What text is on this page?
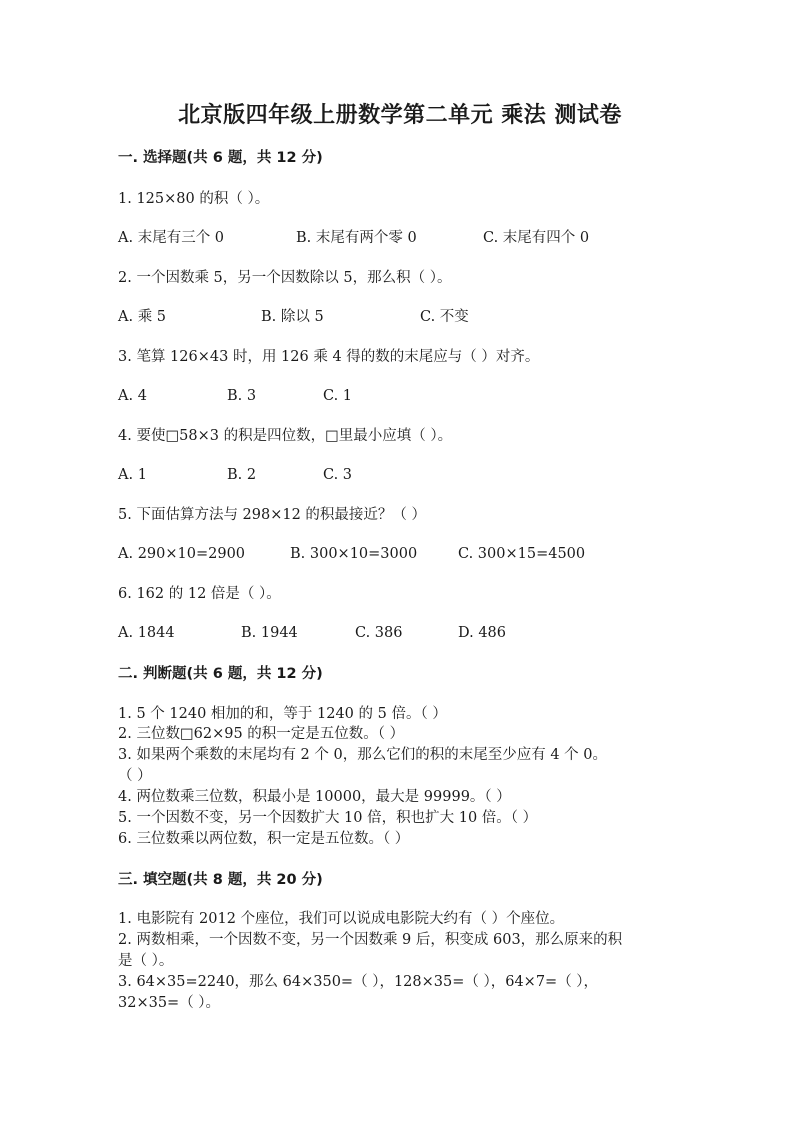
北京版四年级上册数学第二单元 乘法 测试卷
一. 选择题(共 6 题，共 12 分)
1. 125×80 的积（ ）。
A. 末尾有三个 0	B. 末尾有两个零 0	C. 末尾有四个 0
2. 一个因数乘 5，另一个因数除以 5，那么积（ ）。
A. 乘 5	B. 除以 5	C. 不变
3. 笔算 126×43 时，用 126 乘 4 得的数的末尾应与（ ）对齐。
A. 4	B. 3	C. 1
4. 要使□58×3 的积是四位数，□里最小应填（ ）。
A. 1	B. 2	C. 3
5. 下面估算方法与 298×12 的积最接近？（ ）
A. 290×10=2900	B. 300×10=3000	C. 300×15=4500
6. 162 的 12 倍是（ ）。
A. 1844	B. 1944	C. 386	D. 486
二. 判断题(共 6 题，共 12 分)
1. 5 个 1240 相加的和，等于 1240 的 5 倍。（ ）
2. 三位数□62×95 的积一定是五位数。（ ）
3. 如果两个乘数的末尾均有 2 个 0，那么它们的积的末尾至少应有 4 个 0。
（ ）
4. 两位数乘三位数，积最小是 10000，最大是 99999。（ ）
5. 一个因数不变，另一个因数扩大 10 倍，积也扩大 10 倍。（ ）
6. 三位数乘以两位数，积一定是五位数。（ ）
三. 填空题(共 8 题，共 20 分)
1. 电影院有 2012 个座位，我们可以说成电影院大约有（ ）个座位。
2. 两数相乘，一个因数不变，另一个因数乘 9 后，积变成 603，那么原来的积
是（ ）。
3. 64×35=2240，那么 64×350=（ ），128×35=（ ），64×7=（ ），
32×35=（ ）。
